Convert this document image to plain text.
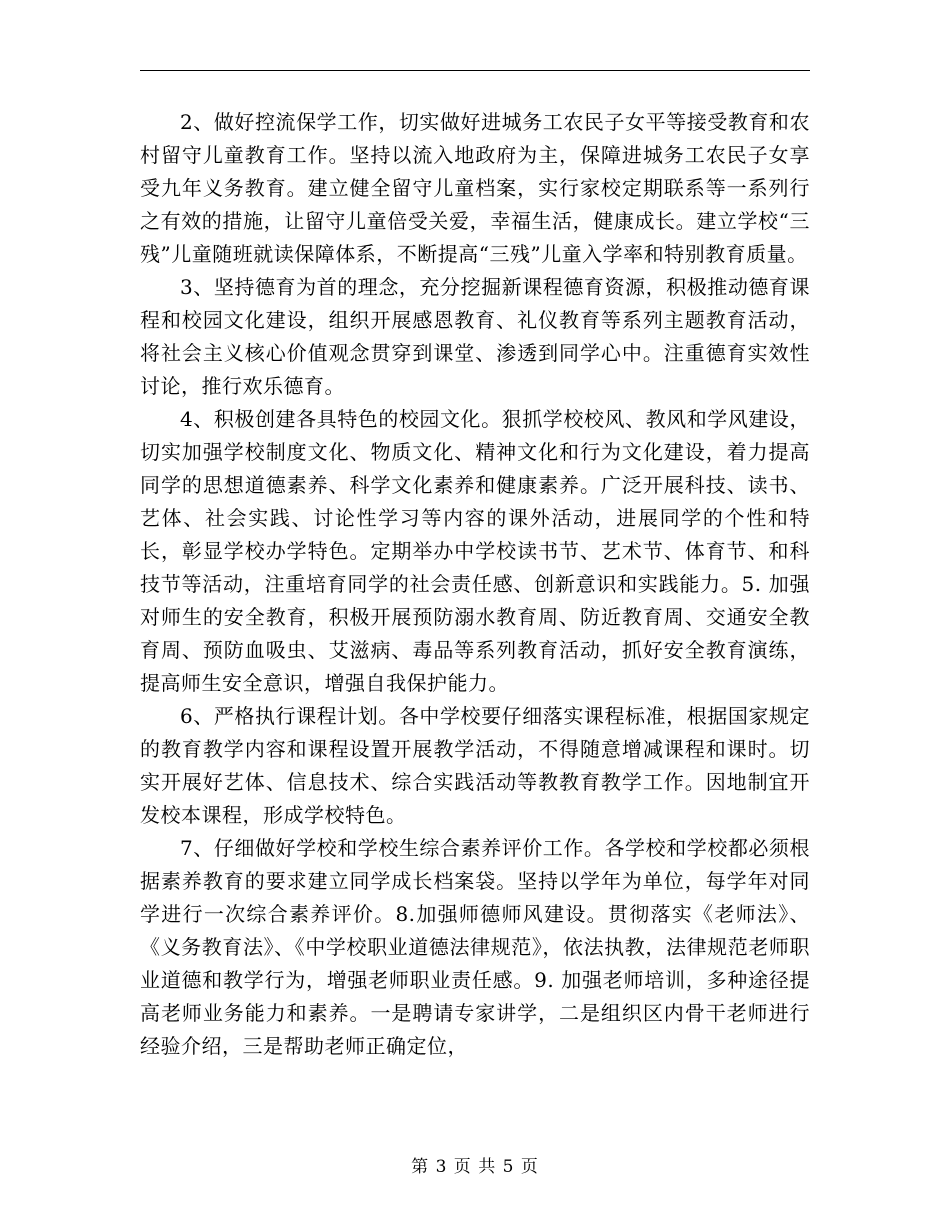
2、做好控流保学工作，切实做好进城务工农民子女平等接受教育和农村留守儿童教育工作。坚持以流入地政府为主，保障进城务工农民子女享受九年义务教育。建立健全留守儿童档案，实行家校定期联系等一系列行之有效的措施，让留守儿童倍受关爱，幸福生活，健康成长。建立学校“三残”儿童随班就读保障体系，不断提高“三残”儿童入学率和特别教育质量。

3、坚持德育为首的理念，充分挖掘新课程德育资源，积极推动德育课程和校园文化建设，组织开展感恩教育、礼仪教育等系列主题教育活动，将社会主义核心价值观念贯穿到课堂、渗透到同学心中。注重德育实效性讨论，推行欢乐德育。

4、积极创建各具特色的校园文化。狠抓学校校风、教风和学风建设，切实加强学校制度文化、物质文化、精神文化和行为文化建设，着力提高同学的思想道德素养、科学文化素养和健康素养。广泛开展科技、读书、艺体、社会实践、讨论性学习等内容的课外活动，进展同学的个性和特长，彰显学校办学特色。定期举办中学校读书节、艺术节、体育节、和科技节等活动，注重培育同学的社会责任感、创新意识和实践能力。5. 加强对师生的安全教育，积极开展预防溺水教育周、防近教育周、交通安全教育周、预防血吸虫、艾滋病、毒品等系列教育活动，抓好安全教育演练，提高师生安全意识，增强自我保护能力。

6、严格执行课程计划。各中学校要仔细落实课程标准，根据国家规定的教育教学内容和课程设置开展教学活动，不得随意增减课程和课时。切实开展好艺体、信息技术、综合实践活动等教教育教学工作。因地制宜开发校本课程，形成学校特色。

7、仔细做好学校和学校生综合素养评价工作。各学校和学校都必须根据素养教育的要求建立同学成长档案袋。坚持以学年为单位，每学年对同学进行一次综合素养评价。8.加强师德师风建设。贯彻落实《老师法》、《义务教育法》、《中学校职业道德法律规范》，依法执教，法律规范老师职业道德和教学行为，增强老师职业责任感。9. 加强老师培训，多种途径提高老师业务能力和素养。一是聘请专家讲学，二是组织区内骨干老师进行经验介绍，三是帮助老师正确定位，

第 3 页 共 5 页
